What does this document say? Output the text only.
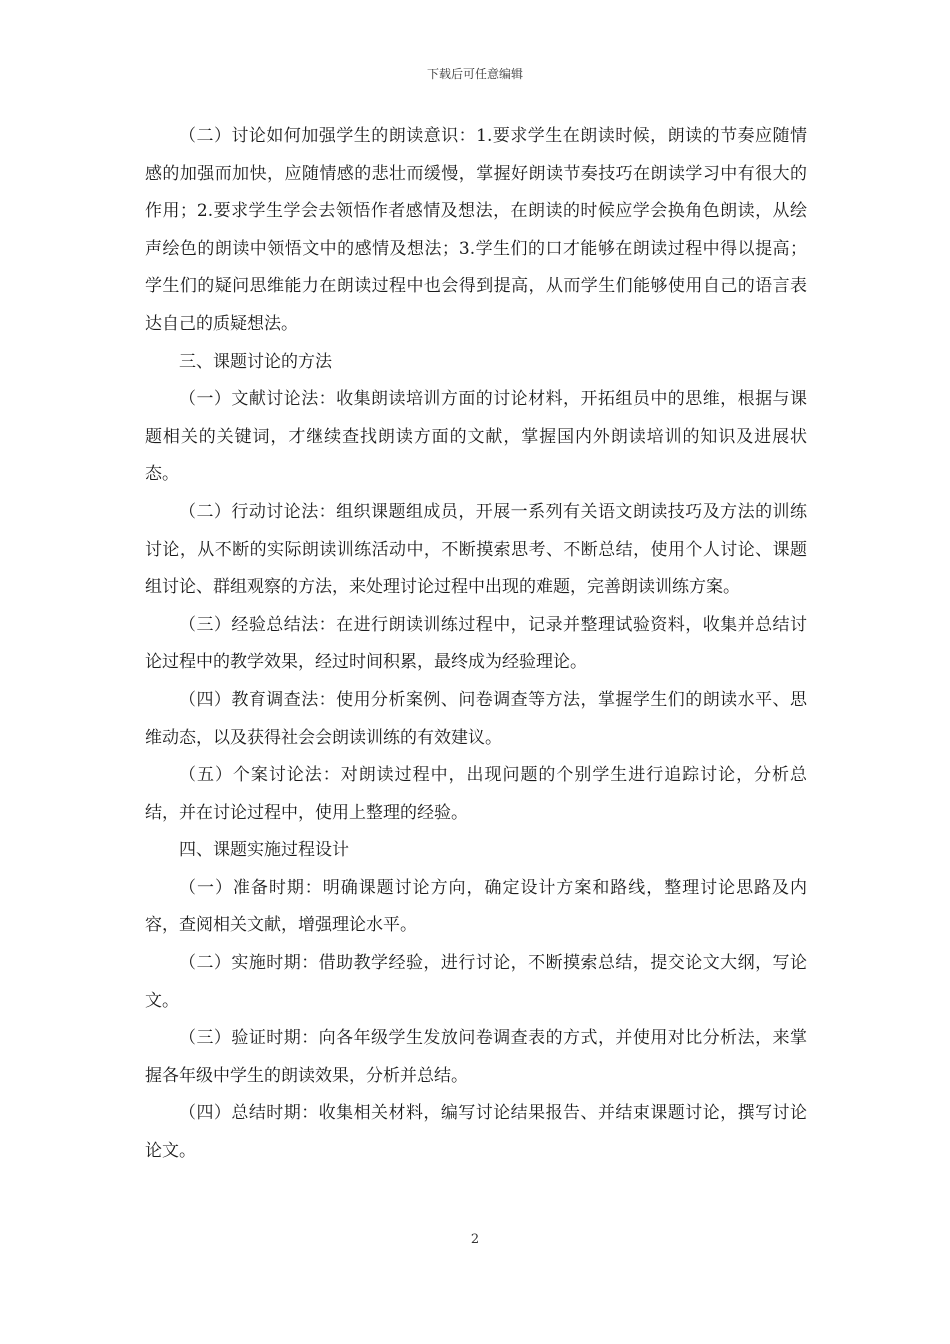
下载后可任意编辑

（二）讨论如何加强学生的朗读意识：1.要求学生在朗读时候，朗读的节奏应随情感的加强而加快，应随情感的悲壮而缓慢，掌握好朗读节奏技巧在朗读学习中有很大的作用；2.要求学生学会去领悟作者感情及想法，在朗读的时候应学会换角色朗读，从绘声绘色的朗读中领悟文中的感情及想法；3.学生们的口才能够在朗读过程中得以提高；学生们的疑问思维能力在朗读过程中也会得到提高，从而学生们能够使用自己的语言表达自己的质疑想法。

三、课题讨论的方法

（一）文献讨论法：收集朗读培训方面的讨论材料，开拓组员中的思维，根据与课题相关的关键词，才继续查找朗读方面的文献，掌握国内外朗读培训的知识及进展状态。

（二）行动讨论法：组织课题组成员，开展一系列有关语文朗读技巧及方法的训练讨论，从不断的实际朗读训练活动中，不断摸索思考、不断总结，使用个人讨论、课题组讨论、群组观察的方法，来处理讨论过程中出现的难题，完善朗读训练方案。

（三）经验总结法：在进行朗读训练过程中，记录并整理试验资料，收集并总结讨论过程中的教学效果，经过时间积累，最终成为经验理论。

（四）教育调查法：使用分析案例、问卷调查等方法，掌握学生们的朗读水平、思维动态，以及获得社会会朗读训练的有效建议。

（五）个案讨论法：对朗读过程中，出现问题的个别学生进行追踪讨论，分析总结，并在讨论过程中，使用上整理的经验。

四、课题实施过程设计

（一）准备时期：明确课题讨论方向，确定设计方案和路线，整理讨论思路及内容，查阅相关文献，增强理论水平。

（二）实施时期：借助教学经验，进行讨论，不断摸索总结，提交论文大纲，写论文。

（三）验证时期：向各年级学生发放问卷调查表的方式，并使用对比分析法，来掌握各年级中学生的朗读效果，分析并总结。

（四）总结时期：收集相关材料，编写讨论结果报告、并结束课题讨论，撰写讨论论文。

2
